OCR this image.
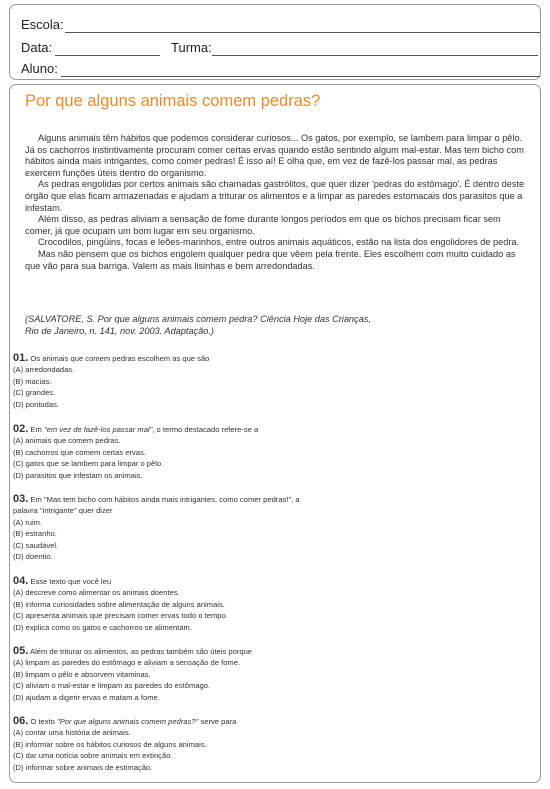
Escola:
Data:	Turma:
Aluno:
Por que alguns animais comem pedras?

Alguns animais têm hábitos que podemos considerar curiosos... Os gatos, por exemplo, se lambem para limpar o pêlo. Já os cachorros instintivamente procuram comer certas ervas quando estão sentindo algum mal-estar. Mas tem bicho com hábitos ainda mais intrigantes, como comer pedras! É isso aí! E olha que, em vez de fazê-los passar mal, as pedras exercem funções úteis dentro do organismo.

As pedras engolidas por certos animais são chamadas gastrólitos, que quer dizer 'pedras do estômago'. É dentro deste órgão que elas ficam armazenadas e ajudam a triturar os alimentos e a limpar as paredes estomacais dos parasitos que a infestam.

Além disso, as pedras aliviam a sensação de fome durante longos períodos em que os bichos precisam ficar sem comer, já que ocupam um bom lugar em seu organismo.

Crocodilos, pingüins, focas e leões-marinhos, entre outros animais aquáticos, estão na lista dos engolidores de pedra.

Mas não pensem que os bichos engolem qualquer pedra que vêem pela frente. Eles escolhem com muito cuidado as que vão para sua barriga. Valem as mais lisinhas e bem arredondadas.

(SALVATORE, S. Por que alguns animais comem pedra? Ciência Hoje das Crianças,
Rio de Janeiro, n. 141, nov. 2003. Adaptação.)
01. Os animais que comem pedras escolhem as que são
(A) arredondadas.
(B) macias.
(C) grandes.
(D) pontudas.
02. Em "em vez de fazê-los passar mal", o termo destacado refere-se a
(A) animais que comem pedras.
(B) cachorros que comem certas ervas.
(C) gatos que se lambem para limpar o pêlo.
(D) parasitos que infestam os animais.
03. Em "Mas tem bicho com hábitos ainda mais intrigantes, como comer pedras!", a
palavra "intrigante" quer dizer
(A) ruim.
(B) estranho.
(C) saudável.
(D) doentio.
04. Esse texto que você leu
(A) descreve como alimentar os animais doentes.
(B) informa curiosidades sobre alimentação de alguns animais.
(C) apresenta animais que precisam comer ervas todo o tempo.
(D) explica como os gatos e cachorros se alimentam.
05. Além de triturar os alimentos, as pedras também são úteis porque
(A) limpam as paredes do estômago e aliviam a sensação de fome.
(B) limpam o pêlo e absorvem vitaminas.
(C) aliviam o mal-estar e limpam as paredes do estômago.
(D) ajudam a digerir ervas e matam a fome.
06. O texto "Por que alguns animais comem pedras?" serve para
(A) contar uma história de animais.
(B) informar sobre os hábitos curiosos de alguns animais.
(C) dar uma notícia sobre animais em extinção.
(D) informar sobre animais de estimação.
